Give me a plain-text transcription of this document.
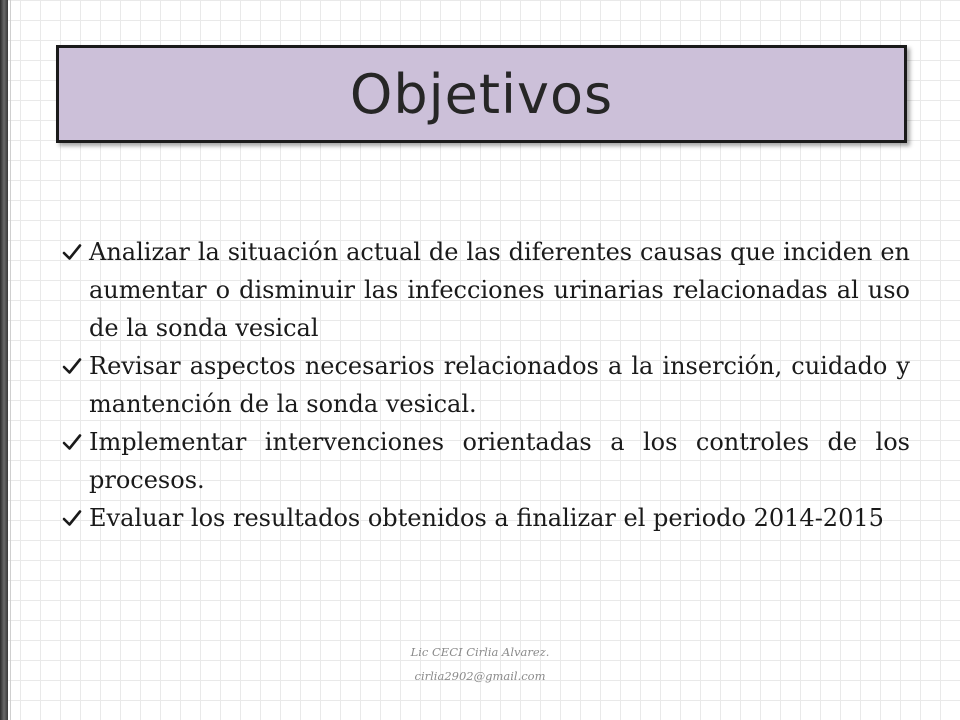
Objetivos
Analizar la situación actual de las diferentes causas que inciden en aumentar o disminuir las infecciones urinarias relacionadas al uso de la sonda vesical
Revisar aspectos necesarios relacionados a la inserción, cuidado y mantención de la sonda vesical.
Implementar intervenciones orientadas a los controles de los procesos.
Evaluar los resultados obtenidos a finalizar el periodo 2014-2015
Lic CECI Cirlia Alvarez.
cirlia2902@gmail.com
